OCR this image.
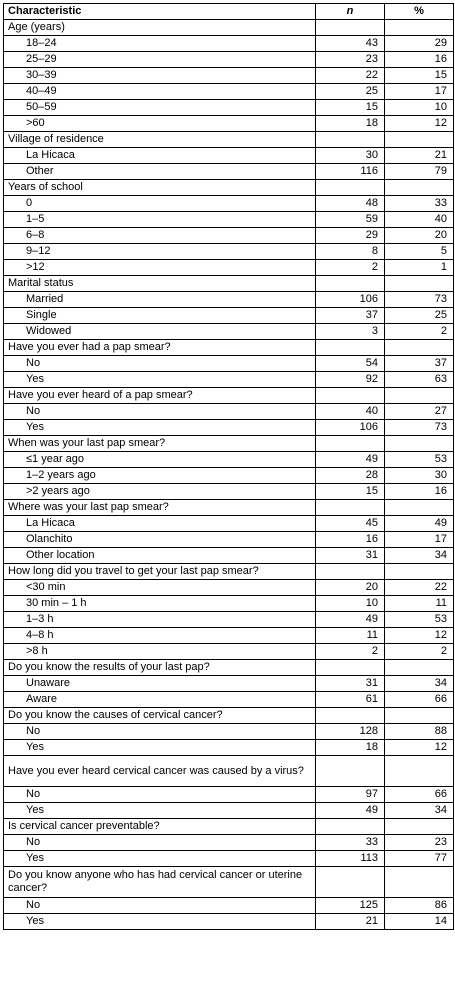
Characteristic	n	%
Age (years)		
18–24	43	29
25–29	23	16
30–39	22	15
40–49	25	17
50–59	15	10
>60	18	12
Village of residence		
La Hicaca	30	21
Other	116	79
Years of school		
0	48	33
1–5	59	40
6–8	29	20
9–12	8	5
>12	2	1
Marital status		
Married	106	73
Single	37	25
Widowed	3	2
Have you ever had a pap smear?		
No	54	37
Yes	92	63
Have you ever heard of a pap smear?		
No	40	27
Yes	106	73
When was your last pap smear?		
≤1 year ago	49	53
1–2 years ago	28	30
>2 years ago	15	16
Where was your last pap smear?		
La Hicaca	45	49
Olanchito	16	17
Other location	31	34
How long did you travel to get your last pap smear?		
<30 min	20	22
30 min – 1 h	10	11
1–3 h	49	53
4–8 h	11	12
>8 h	2	2
Do you know the results of your last pap?		
Unaware	31	34
Aware	61	66
Do you know the causes of cervical cancer?		
No	128	88
Yes	18	12
Have you ever heard cervical cancer was caused by a virus?		
No	97	66
Yes	49	34
Is cervical cancer preventable?		
No	33	23
Yes	113	77
Do you know anyone who has had cervical cancer or uterine cancer?		
No	125	86
Yes	21	14
